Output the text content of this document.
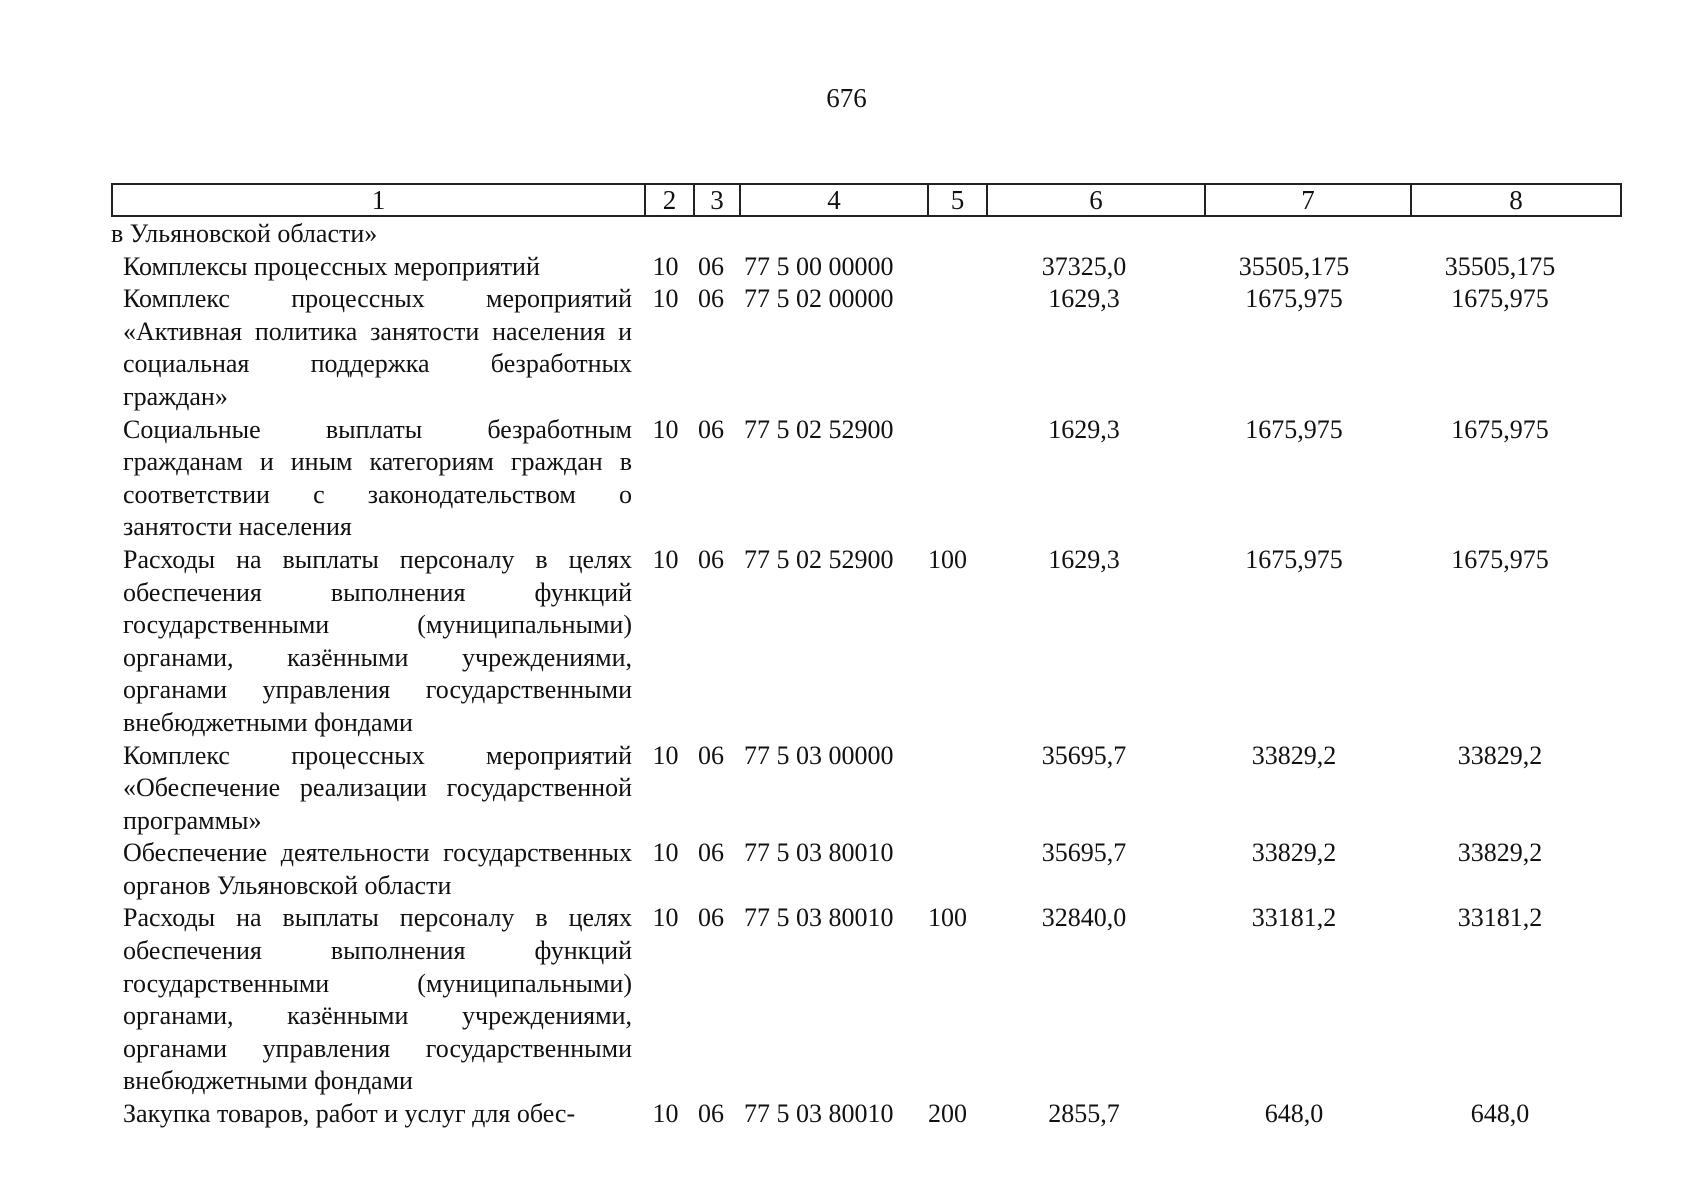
676
1	2	3	4	5	6	7	8
в Ульяновской области»							
Комплексы процессных мероприятий	10	06	77 5 00 00000		37325,0	35505,175	35505,175
Комплекс процессных мероприятий «Активная политика занятости населения и социальная поддержка безработных граждан»	10	06	77 5 02 00000		1629,3	1675,975	1675,975
Социальные выплаты безработным гражданам и иным категориям граждан в соответствии с законодательством о занятости населения	10	06	77 5 02 52900		1629,3	1675,975	1675,975
Расходы на выплаты персоналу в целях обеспечения выполнения функций государственными (муниципальными) органами, казёнными учреждениями, органами управления государственными внебюджетными фондами	10	06	77 5 02 52900	100	1629,3	1675,975	1675,975
Комплекс процессных мероприятий «Обеспечение реализации государственной программы»	10	06	77 5 03 00000		35695,7	33829,2	33829,2
Обеспечение деятельности государственных органов Ульяновской области	10	06	77 5 03 80010		35695,7	33829,2	33829,2
Расходы на выплаты персоналу в целях обеспечения выполнения функций государственными (муниципальными) органами, казёнными учреждениями, органами управления государственными внебюджетными фондами	10	06	77 5 03 80010	100	32840,0	33181,2	33181,2
Закупка товаров, работ и услуг для обес-	10	06	77 5 03 80010	200	2855,7	648,0	648,0
